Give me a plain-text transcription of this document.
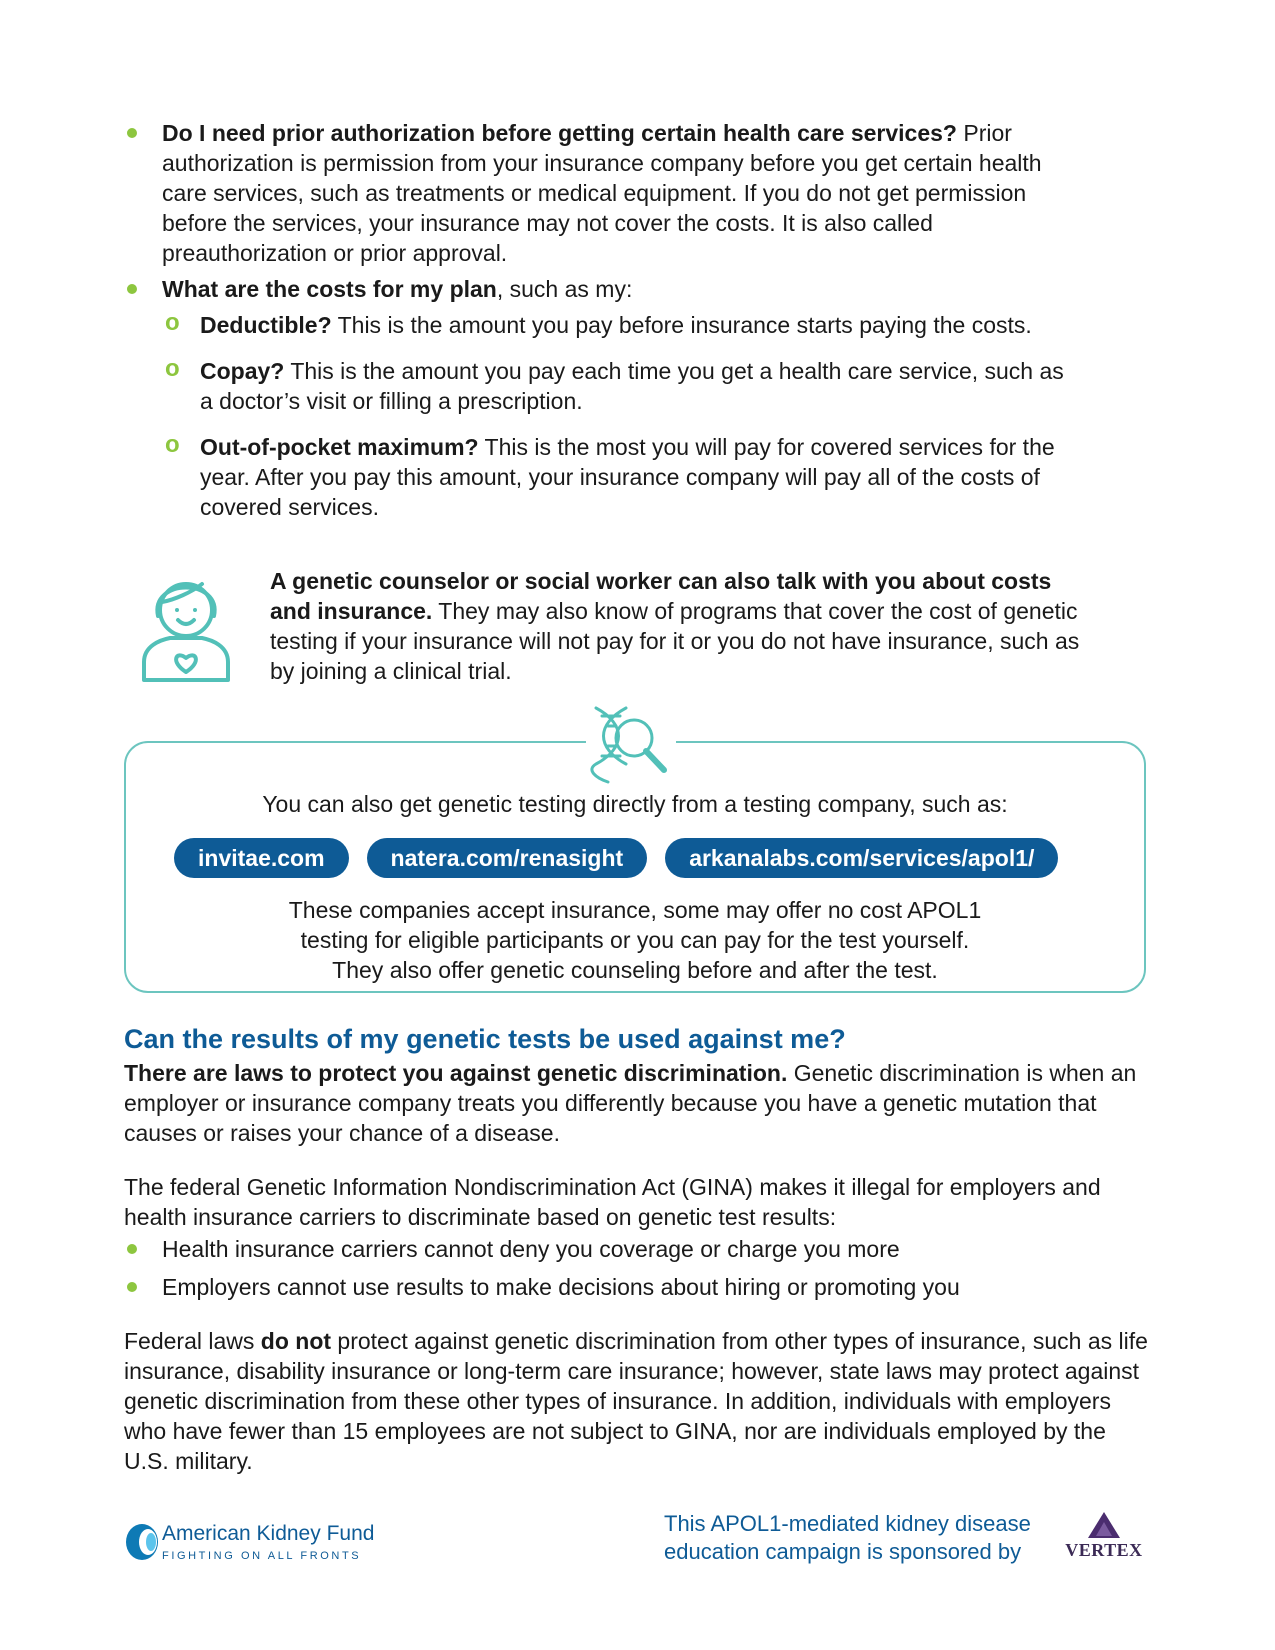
Do I need prior authorization before getting certain health care services? Prior authorization is permission from your insurance company before you get certain health care services, such as treatments or medical equipment. If you do not get permission before the services, your insurance may not cover the costs. It is also called preauthorization or prior approval.
What are the costs for my plan, such as my:
o Deductible? This is the amount you pay before insurance starts paying the costs.
o Copay? This is the amount you pay each time you get a health care service, such as a doctor’s visit or filling a prescription.
o Out-of-pocket maximum? This is the most you will pay for covered services for the year. After you pay this amount, your insurance company will pay all of the costs of covered services.

A genetic counselor or social worker can also talk with you about costs and insurance. They may also know of programs that cover the cost of genetic testing if your insurance will not pay for it or you do not have insurance, such as by joining a clinical trial.

You can also get genetic testing directly from a testing company, such as:

invitae.com	natera.com/renasight	arkanalabs.com/services/apol1/

These companies accept insurance, some may offer no cost APOL1
testing for eligible participants or you can pay for the test yourself.
They also offer genetic counseling before and after the test.

Can the results of my genetic tests be used against me?

There are laws to protect you against genetic discrimination. Genetic discrimination is when an employer or insurance company treats you differently because you have a genetic mutation that causes or raises your chance of a disease.

The federal Genetic Information Nondiscrimination Act (GINA) makes it illegal for employers and health insurance carriers to discriminate based on genetic test results:

Health insurance carriers cannot deny you coverage or charge you more
Employers cannot use results to make decisions about hiring or promoting you

Federal laws do not protect against genetic discrimination from other types of insurance, such as life insurance, disability insurance or long-term care insurance; however, state laws may protect against genetic discrimination from these other types of insurance. In addition, individuals with employers who have fewer than 15 employees are not subject to GINA, nor are individuals employed by the U.S. military.

American Kidney Fund
FIGHTING ON ALL FRONTS

This APOL1-mediated kidney disease
education campaign is sponsored by	VERTEX
